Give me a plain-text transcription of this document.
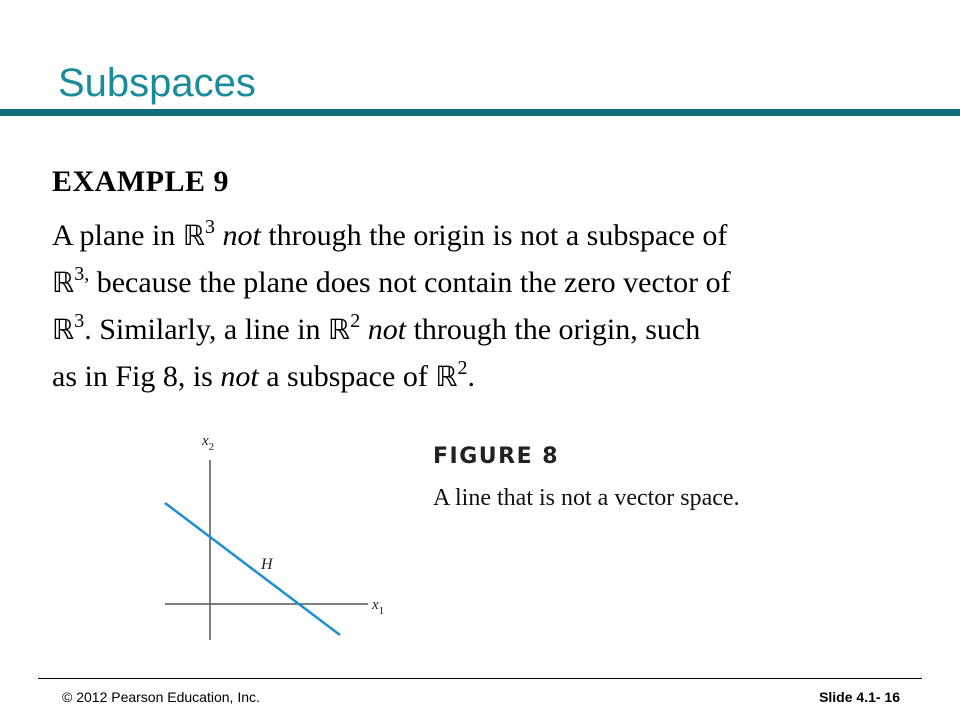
Subspaces
EXAMPLE 9

A plane in ℝ$^3$ not through the origin is not a subspace of
ℝ$^{3,}$ because the plane does not contain the zero vector of
ℝ$^3$. Similarly, a line in ℝ$^2$ not through the origin, such
as in Fig 8, is not a subspace of ℝ$^2$.

$x_2$
$x_1$
H

FIGURE 8

A line that is not a vector space.

© 2012 Pearson Education, Inc.	Slide 4.1- 16
